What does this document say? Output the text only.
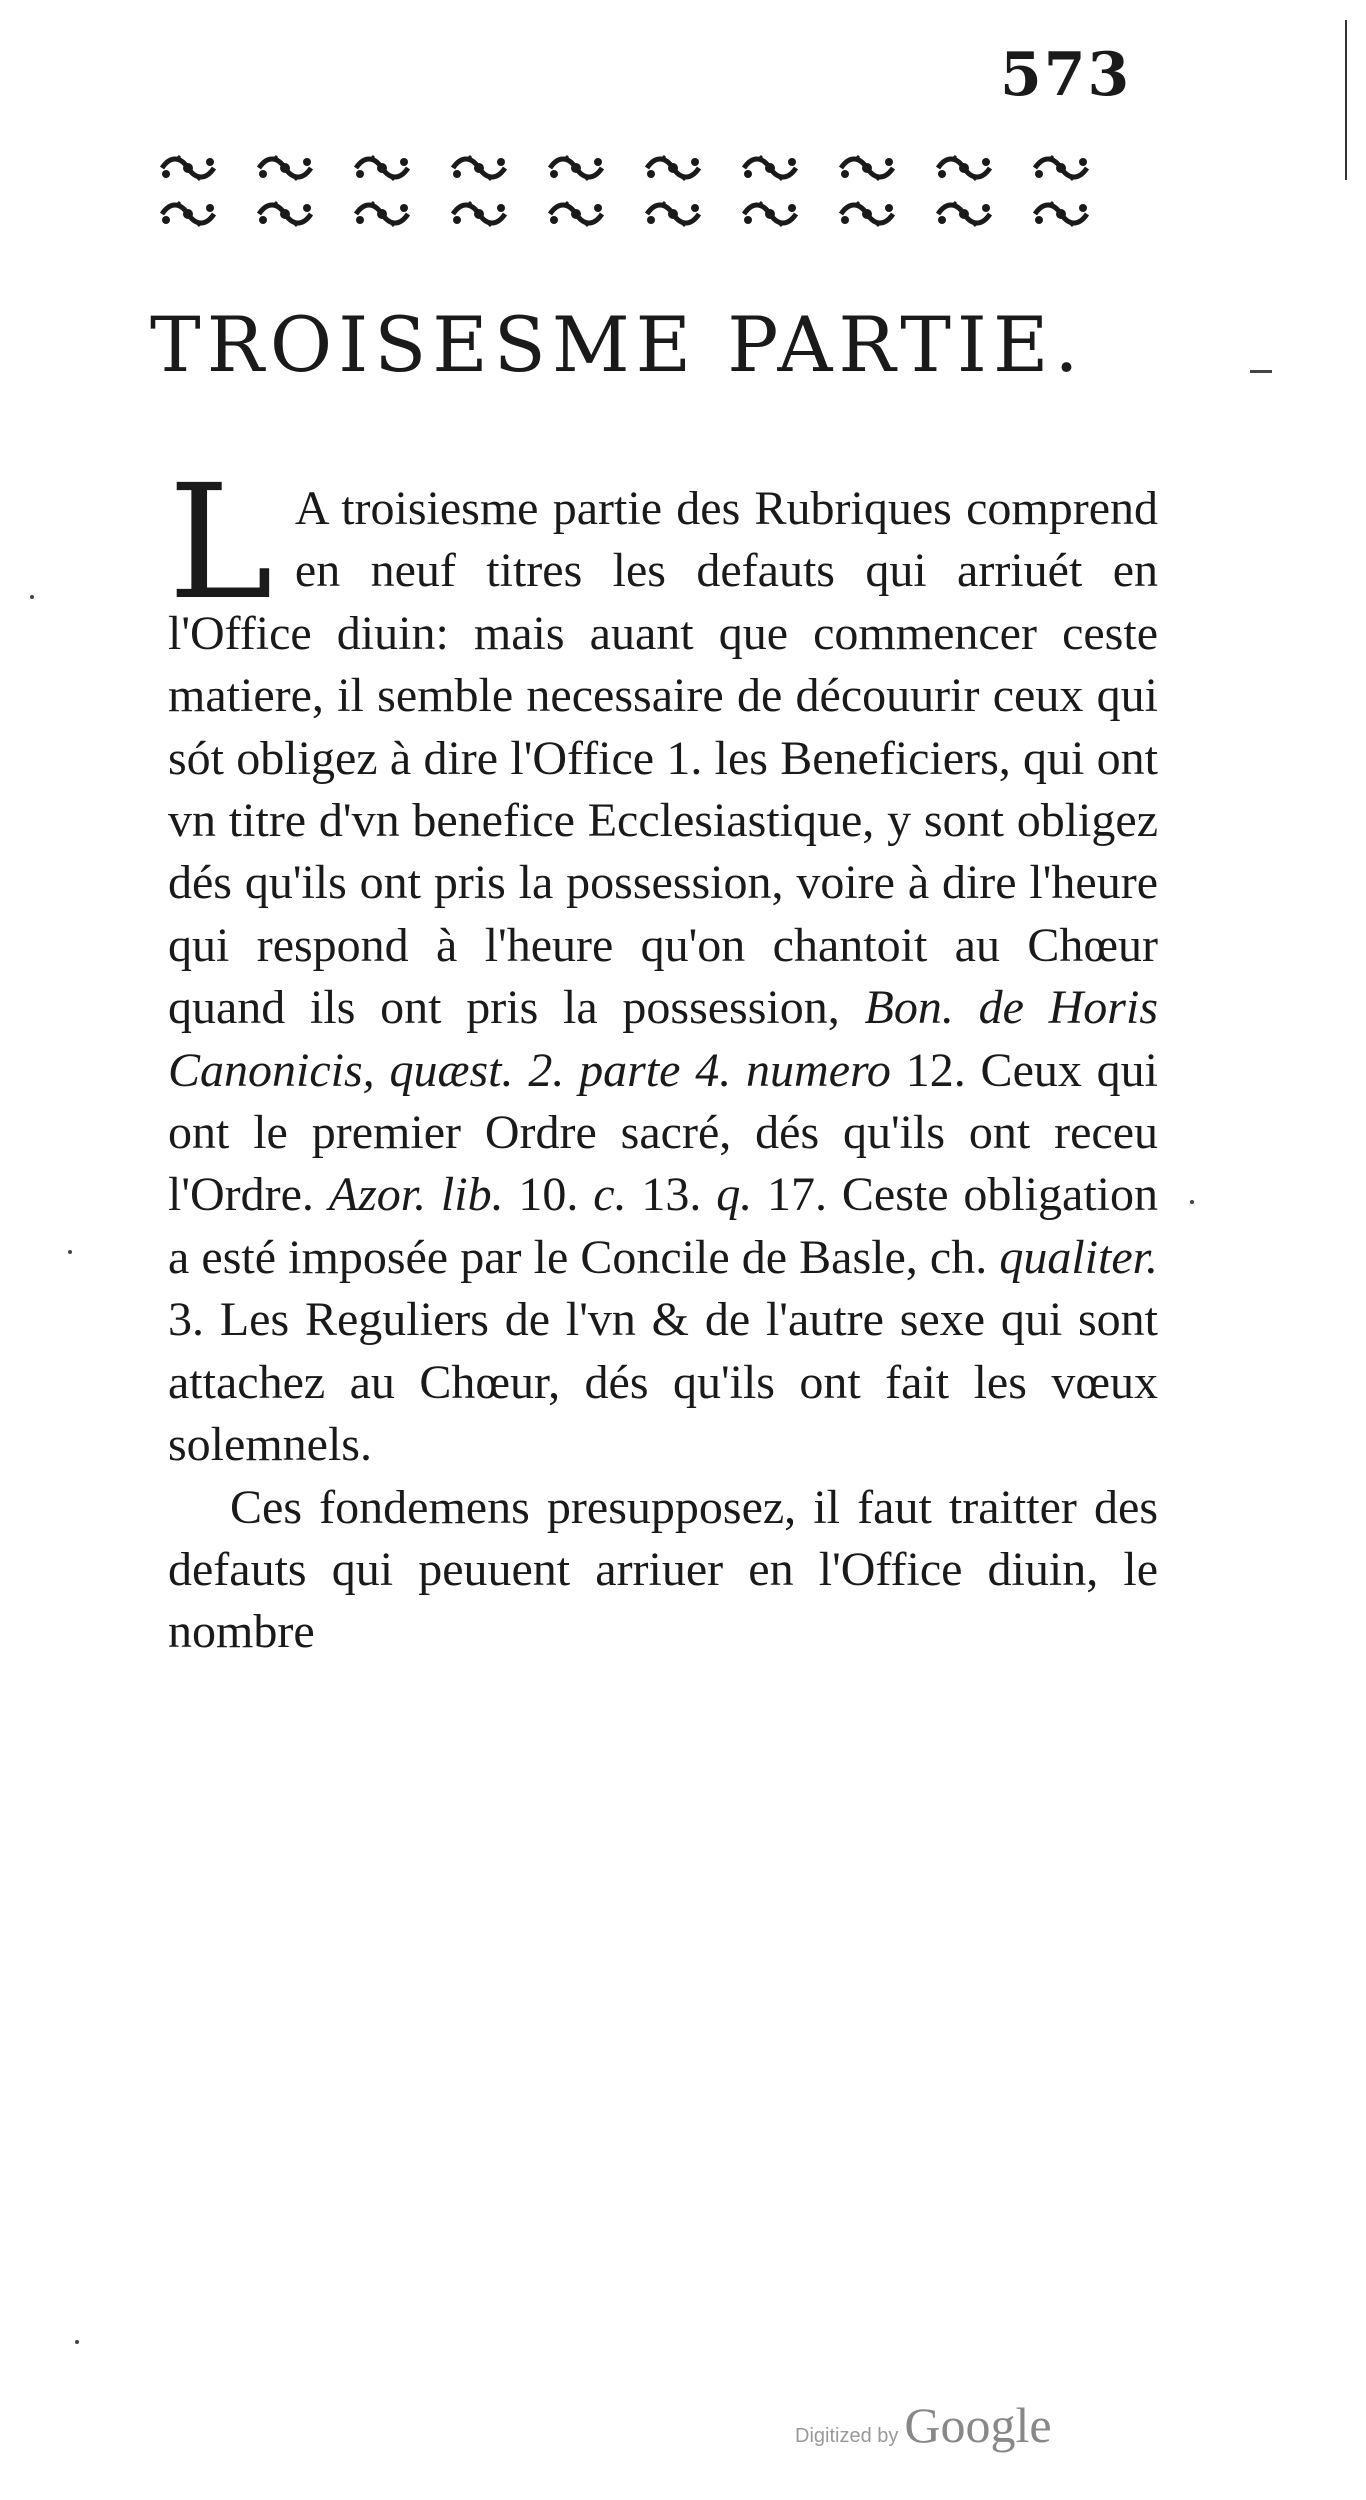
573
TROISESME PARTIE.

L A troisiesme partie des Rubriques comprend en neuf titres les defauts qui arriuét en l'Office diuin: mais auant que commencer ceste matiere, il semble necessaire de découurir ceux qui sót obligez à dire l'Office 1. les Beneficiers, qui ont vn titre d'vn benefice Ecclesiastique, y sont obligez dés qu'ils ont pris la possession, voire à dire l'heure qui respond à l'heure qu'on chantoit au Chœur quand ils ont pris la possession, Bon. de Horis Canonicis, quæst. 2. parte 4. numero 12. Ceux qui ont le premier Ordre sacré, dés qu'ils ont receu l'Ordre. Azor. lib. 10. c. 13. q. 17. Ceste obligation a esté imposée par le Concile de Basle, ch. qualiter. 3. Les Reguliers de l'vn & de l'autre sexe qui sont attachez au Chœur, dés qu'ils ont fait les vœux solemnels.

Ces fondemens presupposez, il faut traitter des defauts qui peuuent arriuer en l'Office diuin, le nombre

Digitized by Google
